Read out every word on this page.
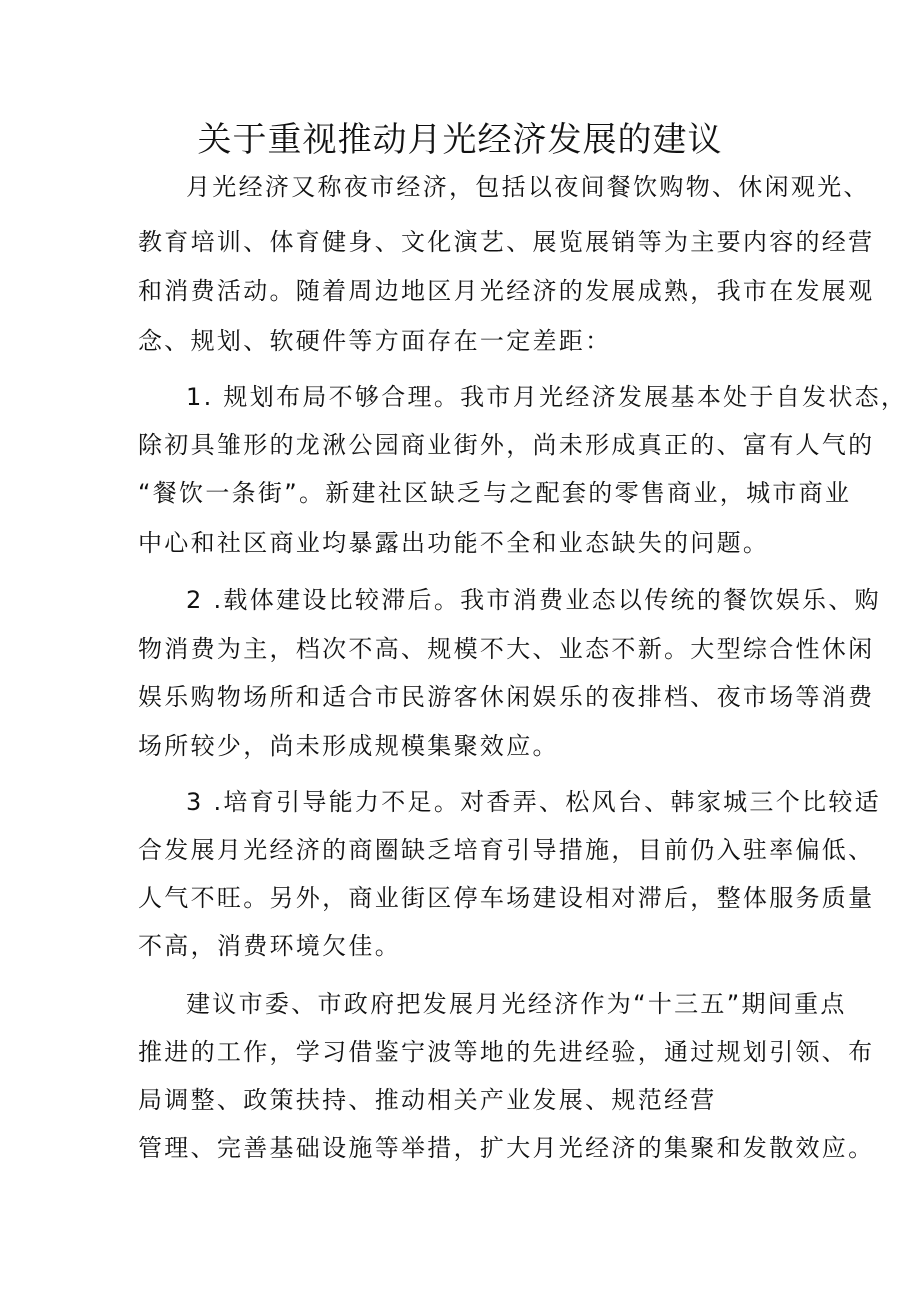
关于重视推动月光经济发展的建议
月光经济又称夜市经济，包括以夜间餐饮购物、休闲观光、
教育培训、体育健身、文化演艺、展览展销等为主要内容的经营
和消费活动。随着周边地区月光经济的发展成熟，我市在发展观
念、规划、软硬件等方面存在一定差距：
1. 规划布局不够合理。我市月光经济发展基本处于自发状态，
除初具雏形的龙湫公园商业街外，尚未形成真正的、富有人气的
“餐饮一条街”。新建社区缺乏与之配套的零售商业，城市商业
中心和社区商业均暴露出功能不全和业态缺失的问题。
2 .载体建设比较滞后。我市消费业态以传统的餐饮娱乐、购
物消费为主，档次不高、规模不大、业态不新。大型综合性休闲
娱乐购物场所和适合市民游客休闲娱乐的夜排档、夜市场等消费
场所较少，尚未形成规模集聚效应。
3 .培育引导能力不足。对香弄、松风台、韩家城三个比较适
合发展月光经济的商圈缺乏培育引导措施，目前仍入驻率偏低、
人气不旺。另外，商业街区停车场建设相对滞后，整体服务质量
不高，消费环境欠佳。
建议市委、市政府把发展月光经济作为“十三五”期间重点
推进的工作，学习借鉴宁波等地的先进经验，通过规划引领、布
局调整、政策扶持、推动相关产业发展、规范经营
管理、完善基础设施等举措，扩大月光经济的集聚和发散效应。
